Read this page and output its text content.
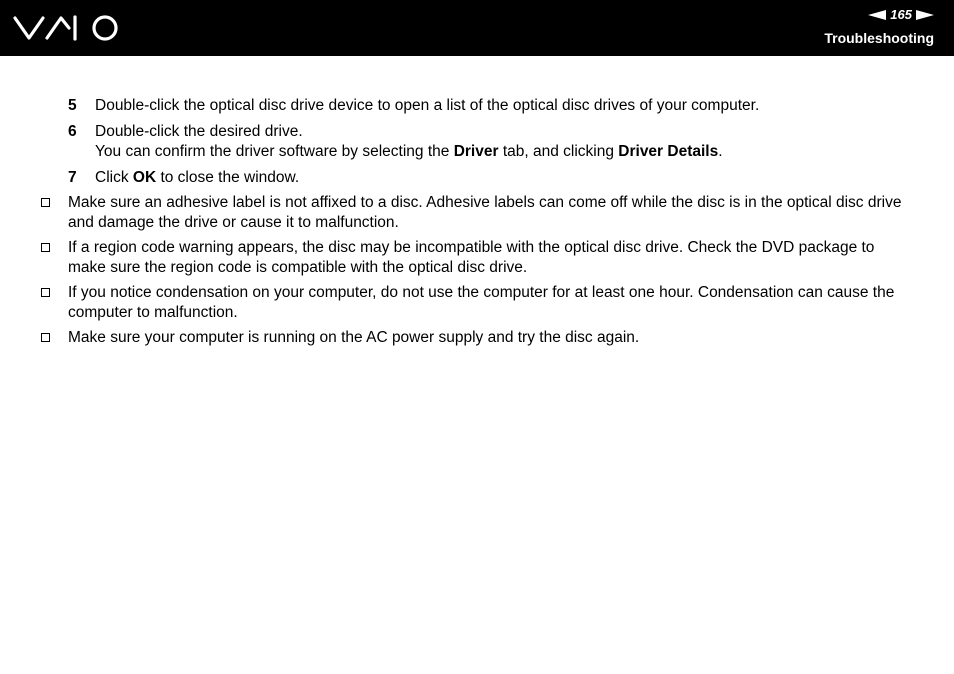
165
Troubleshooting
5 Double-click the optical disc drive device to open a list of the optical disc drives of your computer.
6 Double-click the desired drive.
You can confirm the driver software by selecting the Driver tab, and clicking Driver Details.
7 Click OK to close the window.
Make sure an adhesive label is not affixed to a disc. Adhesive labels can come off while the disc is in the optical disc drive
and damage the drive or cause it to malfunction.
If a region code warning appears, the disc may be incompatible with the optical disc drive. Check the DVD package to
make sure the region code is compatible with the optical disc drive.
If you notice condensation on your computer, do not use the computer for at least one hour. Condensation can cause the
computer to malfunction.
Make sure your computer is running on the AC power supply and try the disc again.
